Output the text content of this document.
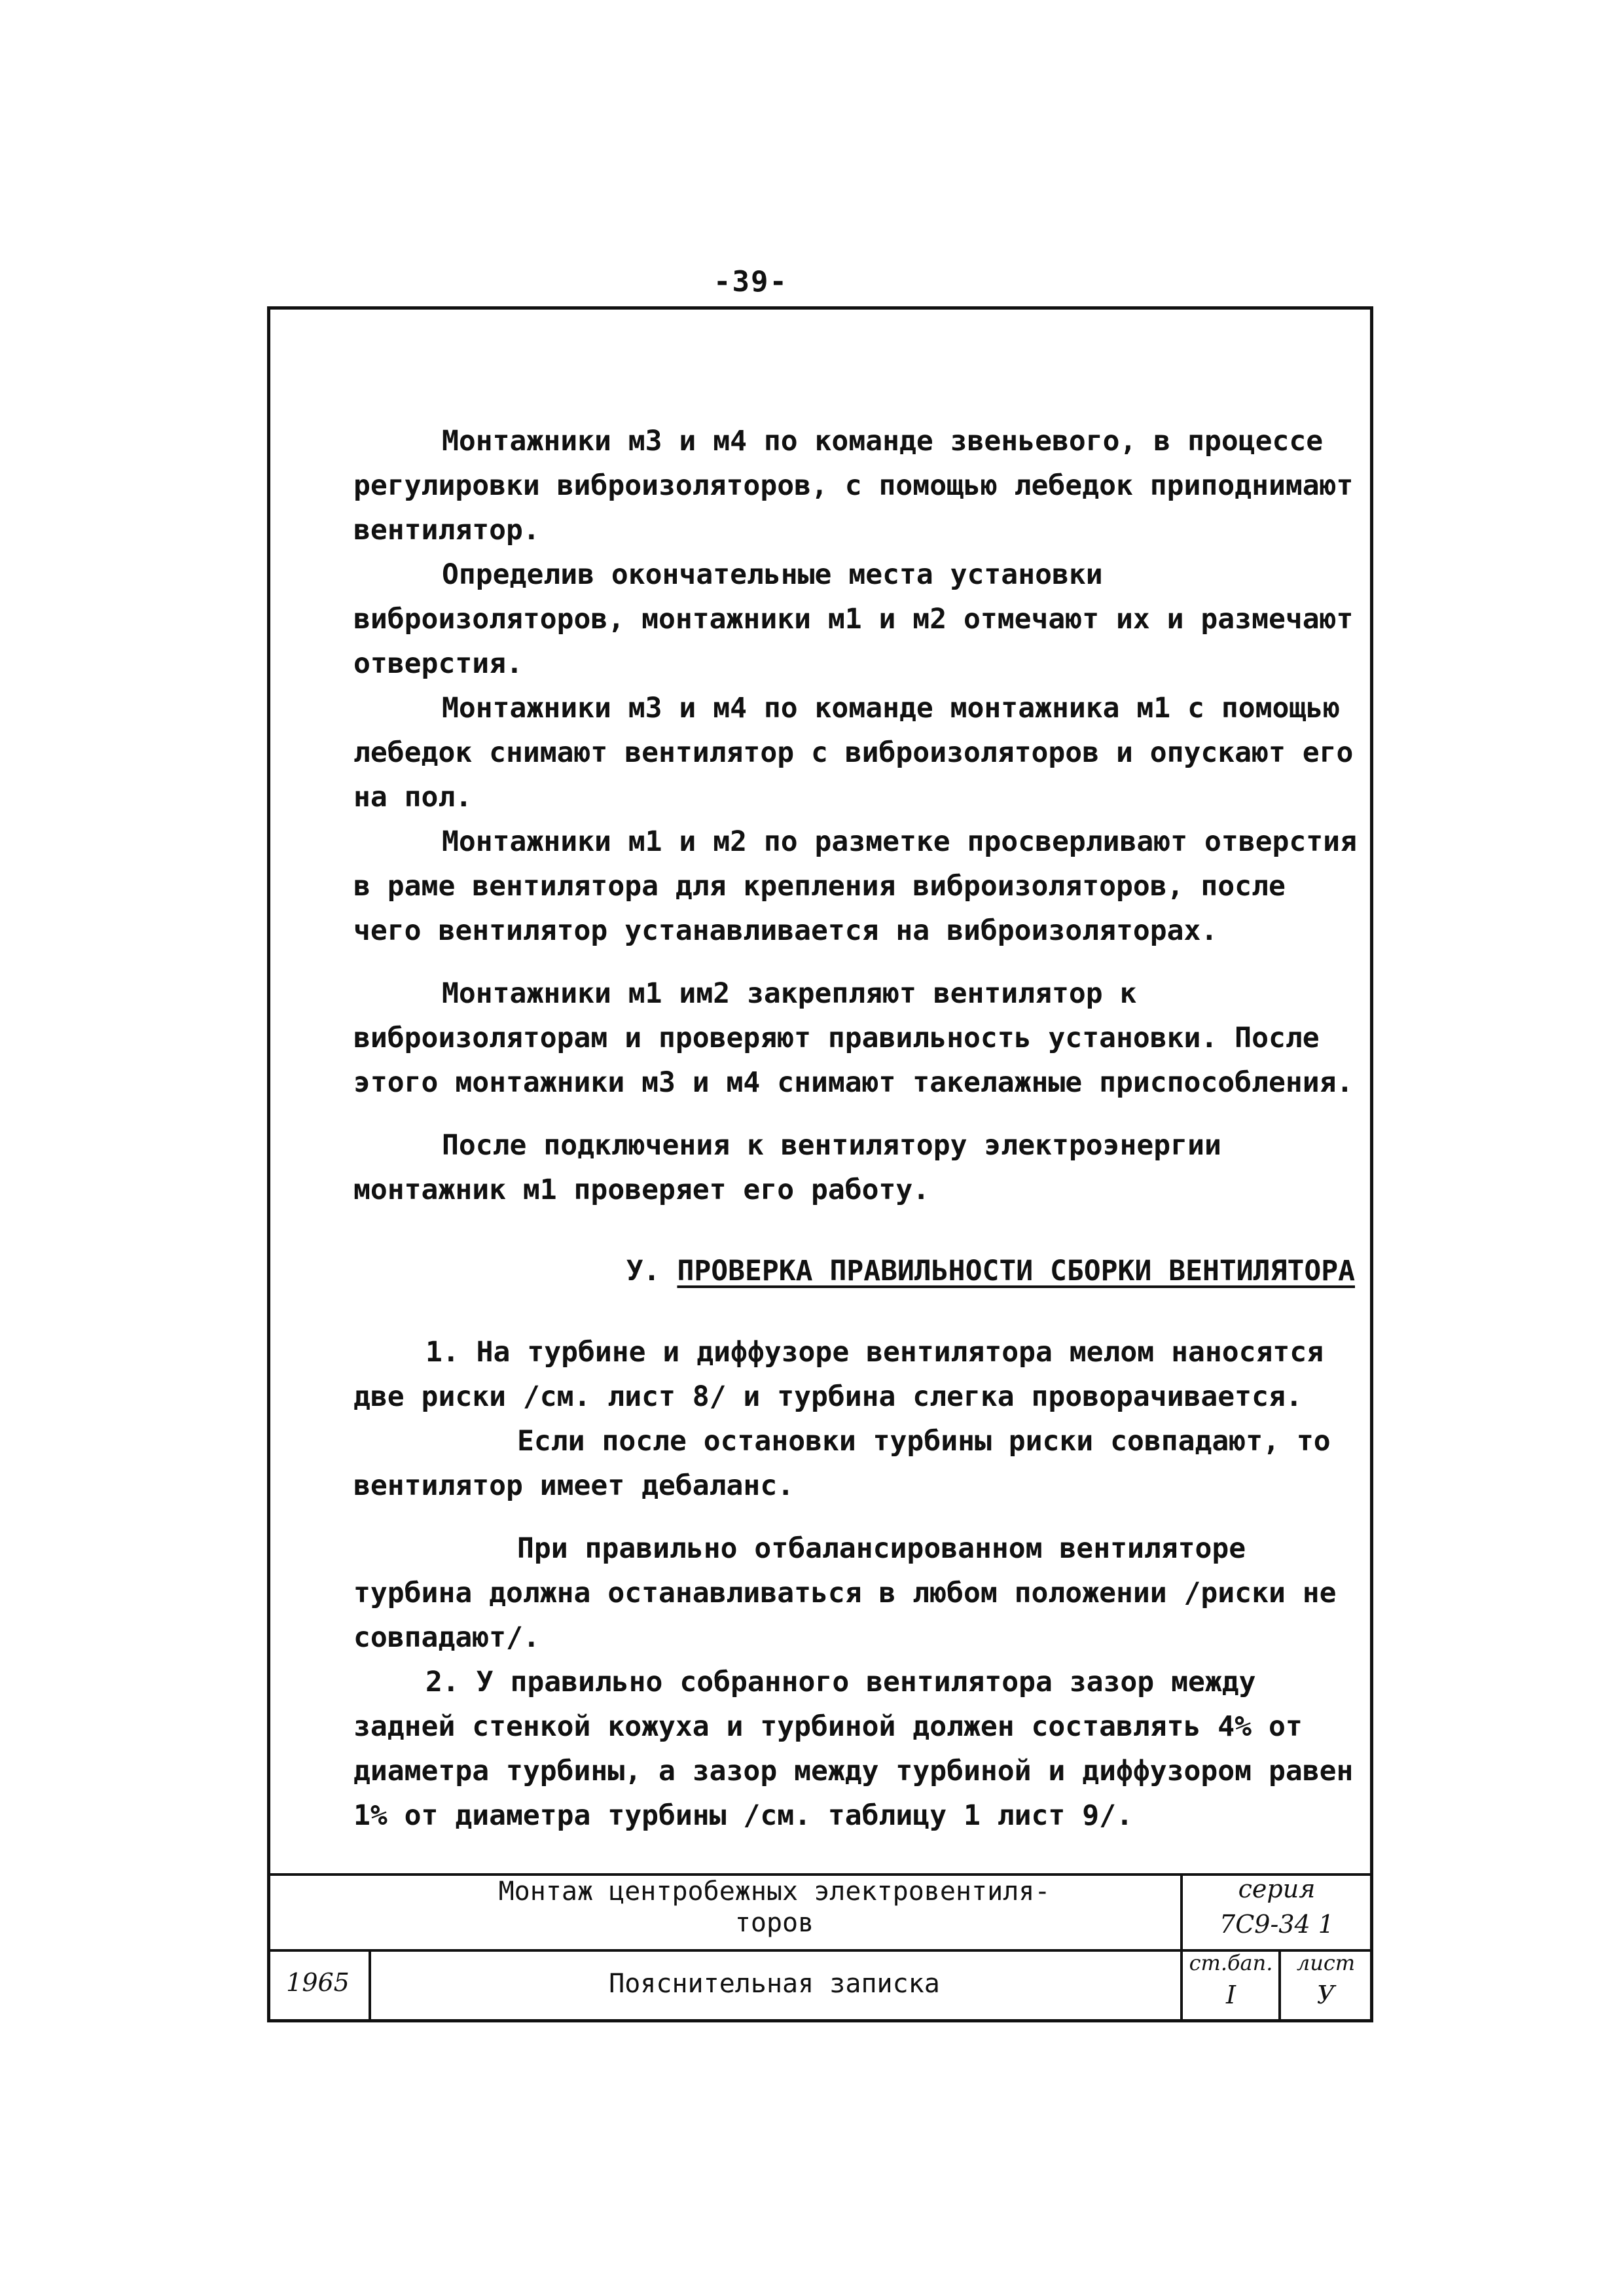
-39-

Монтажники м3 и м4 по команде звеньевого, в процессе регулировки виброизоляторов, с помощью лебедок приподнимают вентилятор.

Определив окончательные места установки виброизоляторов, монтажники м1 и м2 отмечают их и размечают отверстия.

Монтажники м3 и м4 по команде монтажника м1 с помощью лебедок снимают вентилятор с виброизоляторов и опускают его на пол.

Монтажники м1 и м2 по разметке просверливают отверстия в раме вентилятора для крепления виброизоляторов, после чего вентилятор устанавливается на виброизоляторах.

Монтажники м1 им2 закрепляют вентилятор к виброизоляторам и проверяют правильность установки. После этого монтажники м3 и м4 снимают такелажные приспособления.

После подключения к вентилятору электроэнергии монтажник м1 проверяет его работу.

У. ПРОВЕРКА ПРАВИЛЬНОСТИ СБОРКИ ВЕНТИЛЯТОРА

1. На турбине и диффузоре вентилятора мелом наносятся две риски /см. лист 8/ и турбина слегка проворачивается.

Если после остановки турбины риски совпадают, то вентилятор имеет дебаланс.

При правильно отбалансированном вентиляторе турбина должна останавливаться в любом положении /риски не совпадают/.

2. У правильно собранного вентилятора зазор между задней стенкой кожуха и турбиной должен составлять 4% от диаметра турбины, а зазор между турбиной и диффузором равен 1% от диаметра турбины /см. таблицу 1 лист 9/.

Монтаж центробежных электровентиля-
торов
серия
7С9-34 1
1965	Пояснительная записка
ст.бап.
I
лист
У
